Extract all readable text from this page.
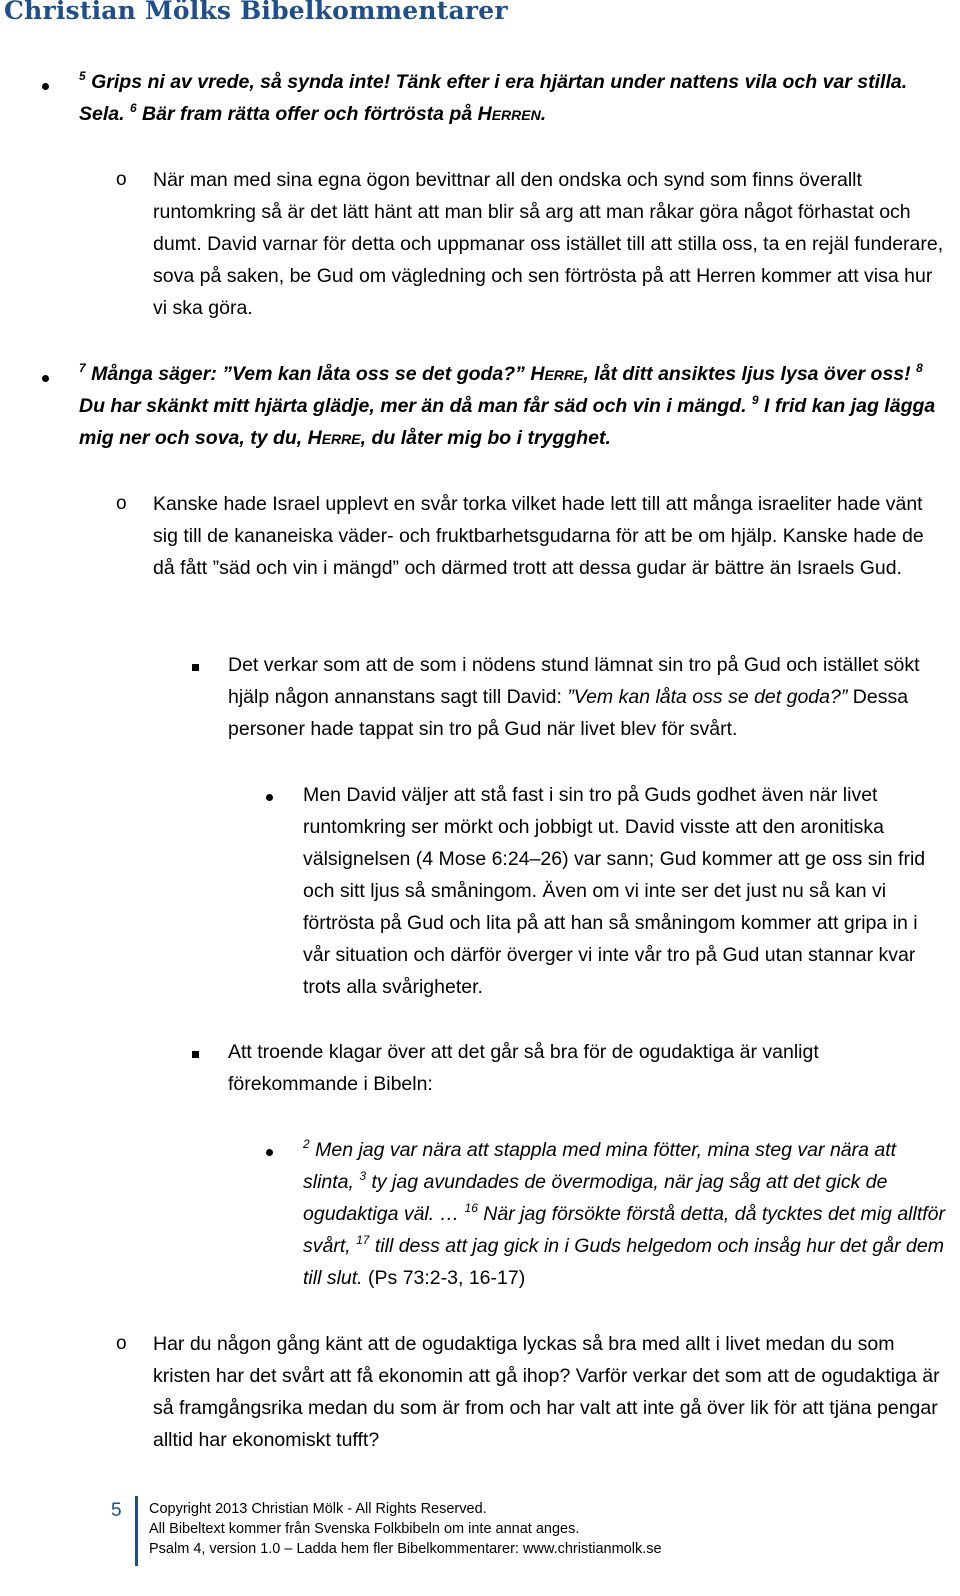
Christian Mölks Bibelkommentarer

$^5$ Grips ni av vrede, så synda inte! Tänk efter i era hjärtan under nattens vila och var stilla. Sela. $^6$ Bär fram rätta offer och förtrösta på Herren.

o När man med sina egna ögon bevittnar all den ondska och synd som finns överallt runtomkring så är det lätt hänt att man blir så arg att man råkar göra något förhastat och dumt. David varnar för detta och uppmanar oss istället till att stilla oss, ta en rejäl funderare, sova på saken, be Gud om vägledning och sen förtrösta på att Herren kommer att visa hur vi ska göra.

$^7$ Många säger: ”Vem kan låta oss se det goda?” Herre, låt ditt ansiktes ljus lysa över oss! $^8$ Du har skänkt mitt hjärta glädje, mer än då man får säd och vin i mängd. $^9$ I frid kan jag lägga mig ner och sova, ty du, Herre, du låter mig bo i trygghet.

o Kanske hade Israel upplevt en svår torka vilket hade lett till att många israeliter hade vänt sig till de kananeiska väder- och fruktbarhetsgudarna för att be om hjälp. Kanske hade de då fått ”säd och vin i mängd” och därmed trott att dessa gudar är bättre än Israels Gud.

Det verkar som att de som i nödens stund lämnat sin tro på Gud och istället sökt hjälp någon annanstans sagt till David: ”Vem kan låta oss se det goda?” Dessa personer hade tappat sin tro på Gud när livet blev för svårt.

Men David väljer att stå fast i sin tro på Guds godhet även när livet runtomkring ser mörkt och jobbigt ut. David visste att den aronitiska välsignelsen (4 Mose 6:24–26) var sann; Gud kommer att ge oss sin frid och sitt ljus så småningom. Även om vi inte ser det just nu så kan vi förtrösta på Gud och lita på att han så småningom kommer att gripa in i vår situation och därför överger vi inte vår tro på Gud utan stannar kvar trots alla svårigheter.

Att troende klagar över att det går så bra för de ogudaktiga är vanligt förekommande i Bibeln:

$^2$ Men jag var nära att stappla med mina fötter, mina steg var nära att slinta, $^3$ ty jag avundades de övermodiga, när jag såg att det gick de ogudaktiga väl. … $^{16}$ När jag försökte förstå detta, då tycktes det mig alltför svårt, $^{17}$ till dess att jag gick in i Guds helgedom och insåg hur det går dem till slut. (Ps 73:2-3, 16-17)

o Har du någon gång känt att de ogudaktiga lyckas så bra med allt i livet medan du som kristen har det svårt att få ekonomin att gå ihop? Varför verkar det som att de ogudaktiga är så framgångsrika medan du som är from och har valt att inte gå över lik för att tjäna pengar alltid har ekonomiskt tufft?

5 Copyright 2013 Christian Mölk - All Rights Reserved.
All Bibeltext kommer från Svenska Folkbibeln om inte annat anges.
Psalm 4, version 1.0 – Ladda hem fler Bibelkommentarer: www.christianmolk.se
